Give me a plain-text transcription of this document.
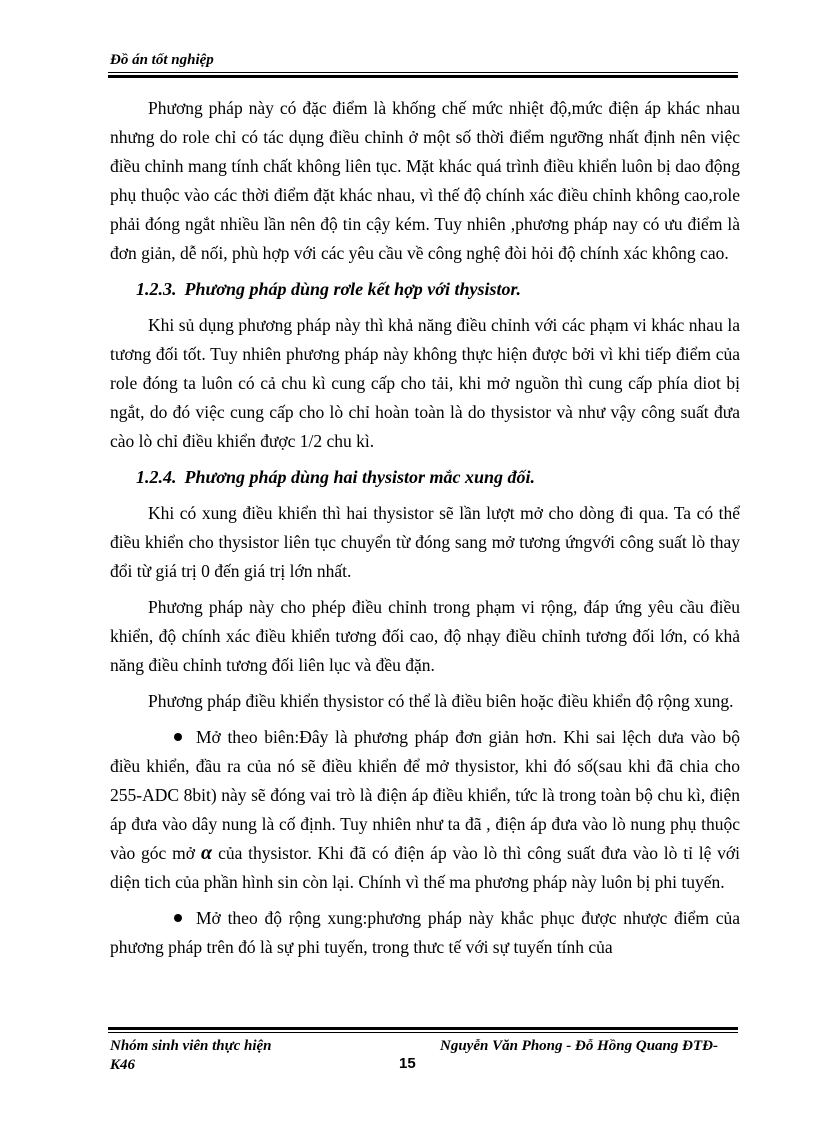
Đồ án tốt nghiệp

Phương pháp này có đặc điểm là khống chế mức nhiệt độ,mức điện áp khác nhau nhưng do role chỉ có tác dụng điều chỉnh ở một số thời điểm ngưỡng nhất định nên việc điều chỉnh mang tính chất không liên tục. Mặt khác quá trình điều khiển luôn bị dao động phụ thuộc vào các thời điểm đặt khác nhau, vì thế độ chính xác điều chỉnh không cao,role phải đóng ngắt nhiều lần nên độ tin cậy kém. Tuy nhiên ,phương pháp nay có ưu điểm là đơn giản, dễ nối, phù hợp với các yêu cầu về công nghệ đòi hỏi độ chính xác không cao.

1.2.3. Phương pháp dùng rơle kết hợp với thysistor.

Khi sủ dụng phương pháp này thì khả năng điều chỉnh với các phạm vi khác nhau la tương đối tốt. Tuy nhiên phương pháp này không thực hiện được bởi vì khi tiếp điểm của role đóng ta luôn có cả chu kì cung cấp cho tải, khi mở nguồn thì cung cấp phía diot bị ngắt, do đó việc cung cấp cho lò chỉ hoàn toàn là do thysistor và như vậy công suất đưa cào lò chỉ điều khiển được 1/2 chu kì.

1.2.4. Phương pháp dùng hai thysistor mắc xung đối.

Khi có xung điều khiển thì hai thysistor sẽ lần lượt mở cho dòng đi qua. Ta có thể điều khiển cho thysistor liên tục chuyển từ đóng sang mở tương ứngvới công suất lò thay đổi từ giá trị 0 đến giá trị lớn nhất.

Phương pháp này cho phép điều chỉnh trong phạm vi rộng, đáp ứng yêu cầu điều khiển, độ chính xác điều khiển tương đối cao, độ nhạy điều chỉnh tương đối lớn, có khả năng điều chỉnh tương đối liên lục và đều đặn.

Phương pháp điều khiển thysistor có thể là điều biên hoặc điều khiển độ rộng xung.

Mở theo biên:Đây là phương pháp đơn giản hơn. Khi sai lệch dưa vào bộ điều khiển, đầu ra của nó sẽ điều khiển để mở thysistor, khi đó số(sau khi đã chia cho 255-ADC 8bit) này sẽ đóng vai trò là điện áp điều khiển, tức là trong toàn bộ chu kì, điện áp đưa vào dây nung là cố định. Tuy nhiên như ta đã , điện áp đưa vào lò nung phụ thuộc vào góc mở α của thysistor. Khi đã có điện áp vào lò thì công suất đưa vào lò tỉ lệ với diện tich của phần hình sin còn lại. Chính vì thế ma phương pháp này luôn bị phi tuyến.

Mở theo độ rộng xung:phương pháp này khắc phục được nhược điểm của phương pháp trên đó là sự phi tuyến, trong thưc tế với sự tuyến tính của

Nhóm sinh viên thực hiện
K46
Nguyễn Văn Phong - Đỗ Hồng Quang ĐTĐ-
15
